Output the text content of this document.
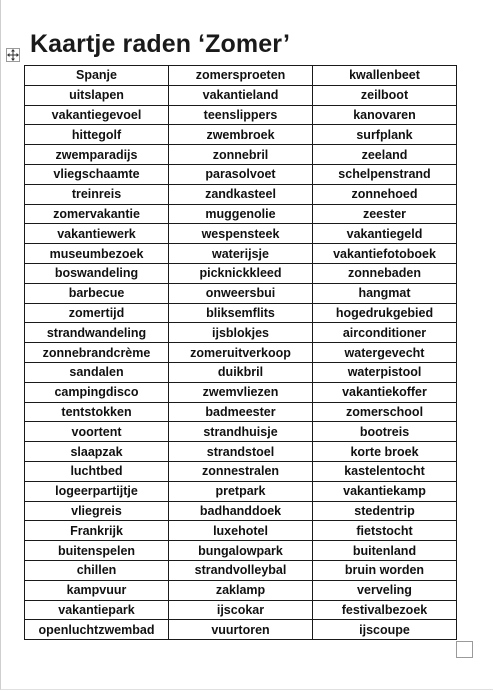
Kaartje raden ‘Zomer’
Spanje	zomersproeten	kwallenbeet
uitslapen	vakantieland	zeilboot
vakantiegevoel	teenslippers	kanovaren
hittegolf	zwembroek	surfplank
zwemparadijs	zonnebril	zeeland
vliegschaamte	parasolvoet	schelpenstrand
treinreis	zandkasteel	zonnehoed
zomervakantie	muggenolie	zeester
vakantiewerk	wespensteek	vakantiegeld
museumbezoek	waterijsje	vakantiefotoboek
boswandeling	picknickkleed	zonnebaden
barbecue	onweersbui	hangmat
zomertijd	bliksemflits	hogedrukgebied
strandwandeling	ijsblokjes	airconditioner
zonnebrandcrème	zomeruitverkoop	watergevecht
sandalen	duikbril	waterpistool
campingdisco	zwemvliezen	vakantiekoffer
tentstokken	badmeester	zomerschool
voortent	strandhuisje	bootreis
slaapzak	strandstoel	korte broek
luchtbed	zonnestralen	kastelentocht
logeerpartijtje	pretpark	vakantiekamp
vliegreis	badhanddoek	stedentrip
Frankrijk	luxehotel	fietstocht
buitenspelen	bungalowpark	buitenland
chillen	strandvolleybal	bruin worden
kampvuur	zaklamp	verveling
vakantiepark	ijscokar	festivalbezoek
openluchtzwembad	vuurtoren	ijscoupe
